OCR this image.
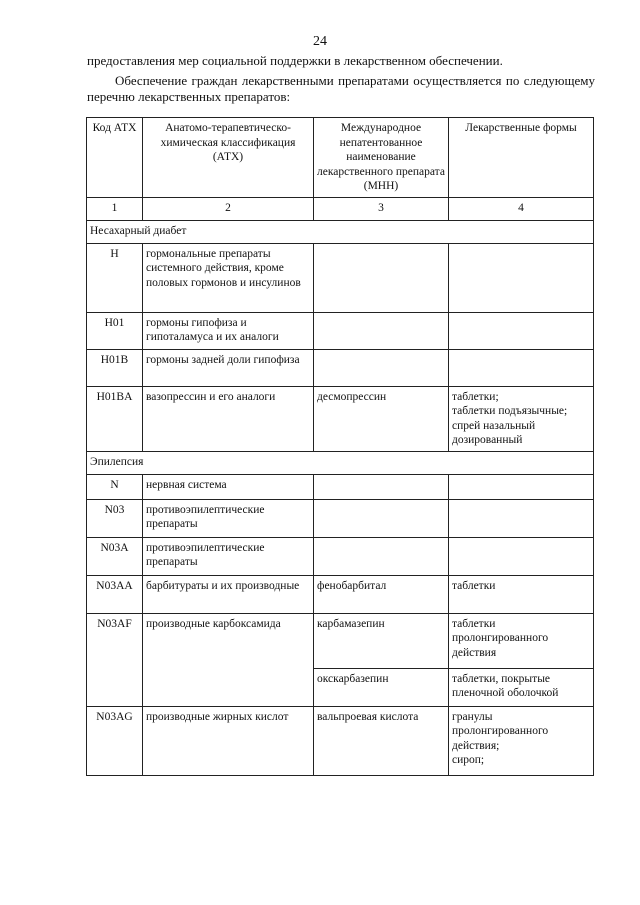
24
предоставления мер социальной поддержки в лекарственном обеспечении.
Обеспечение граждан лекарственными препаратами осуществляется по следующему перечню лекарственных препаратов:
Код АТХ	Анатомо-терапевтическо-химическая классификация (АТХ)	Международное непатентованное наименование лекарственного препарата (МНН)	Лекарственные формы
1	2	3	4
Несахарный диабет			
H	гормональные препараты системного действия, кроме половых гормонов и инсулинов		
H01	гормоны гипофиза и гипоталамуса и их аналоги		
H01B	гормоны задней доли гипофиза		
H01BA	вазопрессин и его аналоги	десмопрессин	таблетки;
таблетки подъязычные;
спрей назальный дозированный

Эпилепсия			
N	нервная система		
N03	противоэпилептические препараты		
N03A	противоэпилептические препараты		
N03AA	барбитураты и их производные	фенобарбитал	таблетки

N03AF	производные карбоксамида	карбамазепин	таблетки пролонгированного действия

		окскарбазепин	таблетки, покрытые пленочной оболочкой

N03AG	производные жирных кислот	вальпроевая кислота	гранулы пролонгированного действия;
сироп;
